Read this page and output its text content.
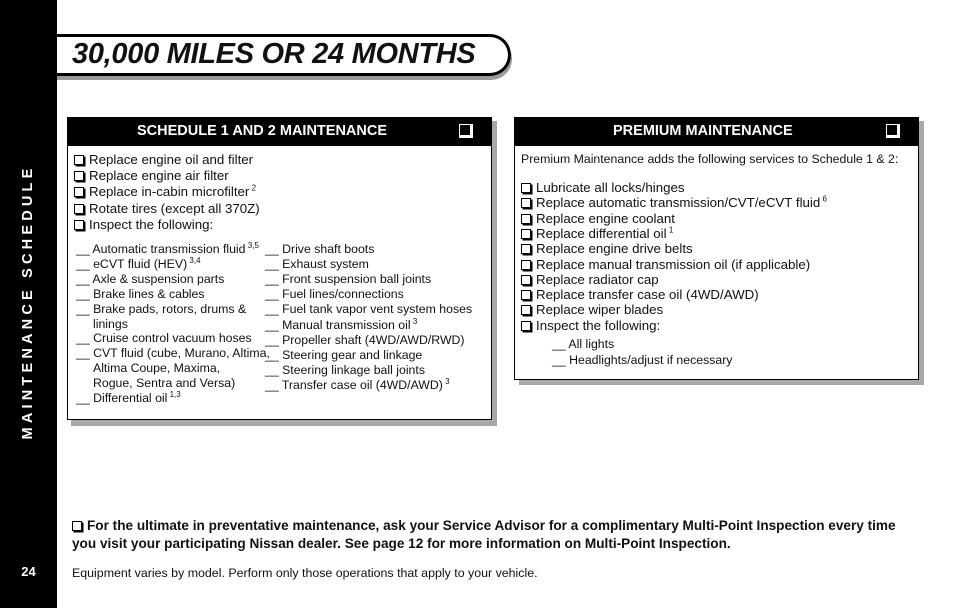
MAINTENANCE SCHEDULE
24
30,000 MILES OR 24 MONTHS
SCHEDULE 1 AND 2 MAINTENANCE
Replace engine oil and filter
Replace engine air filter
Replace in-cabin microfilter $^2$
Rotate tires (except all 370Z)
Inspect the following:
__ Automatic transmission fluid $^{3,5}$
__ eCVT fluid (HEV) $^{3,4}$
__ Axle & suspension parts
__ Brake lines & cables
__ Brake pads, rotors, drums &
linings
__ Cruise control vacuum hoses
__ CVT fluid (cube, Murano, Altima,
Altima Coupe, Maxima,
Rogue, Sentra and Versa)
__ Differential oil $^{1,3}$
__ Drive shaft boots
__ Exhaust system
__ Front suspension ball joints
__ Fuel lines/connections
__ Fuel tank vapor vent system hoses
__ Manual transmission oil $^3$
__ Propeller shaft (4WD/AWD/RWD)
__ Steering gear and linkage
__ Steering linkage ball joints
__ Transfer case oil (4WD/AWD) $^3$
PREMIUM MAINTENANCE
Premium Maintenance adds the following services to Schedule 1 & 2:
Lubricate all locks/hinges
Replace automatic transmission/CVT/eCVT fluid $^6$
Replace engine coolant
Replace differential oil $^1$
Replace engine drive belts
Replace manual transmission oil (if applicable)
Replace radiator cap
Replace transfer case oil (4WD/AWD)
Replace wiper blades
Inspect the following:
__ All lights
__ Headlights/adjust if necessary
For the ultimate in preventative maintenance, ask your Service Advisor for a complimentary Multi-Point Inspection every time you visit your participating Nissan dealer. See page 12 for more information on Multi-Point Inspection.
Equipment varies by model. Perform only those operations that apply to your vehicle.
